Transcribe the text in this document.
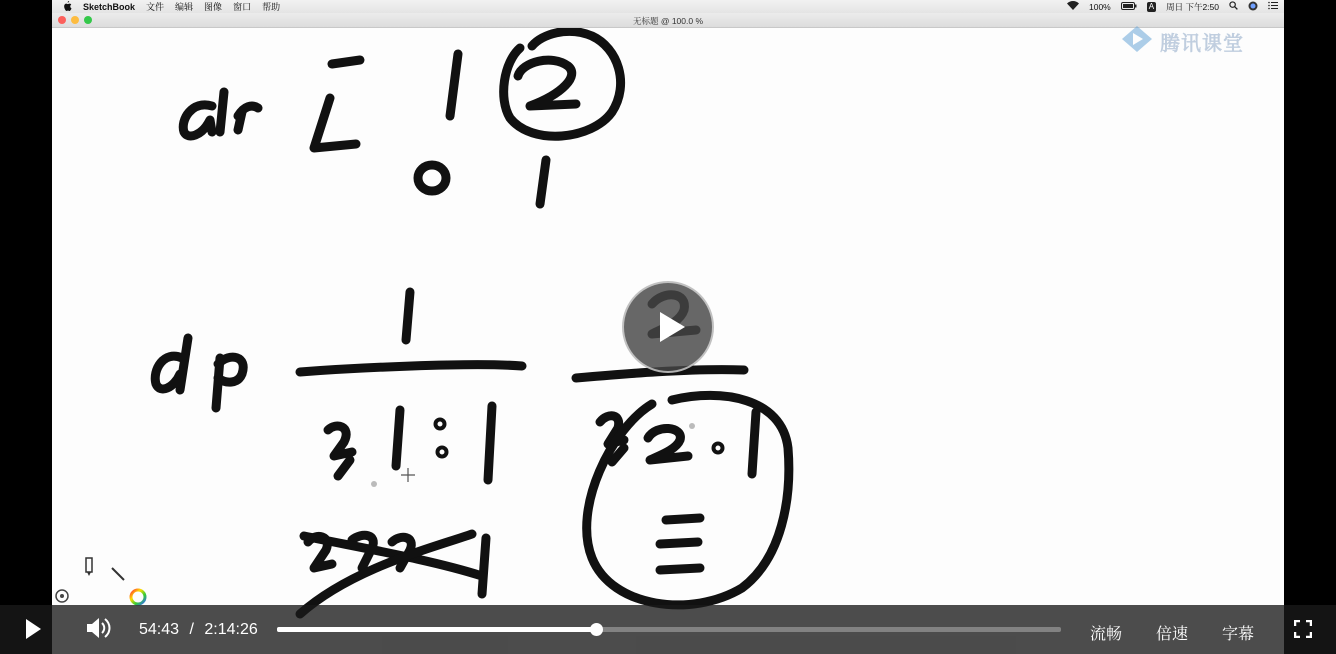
SketchBook 文件 编辑 图像 窗口 帮助	100%	A 周日 下午2:50
无标题 @ 100.0 %
腾讯课堂
54:43 / 2:14:26	流畅 倍速 字幕
